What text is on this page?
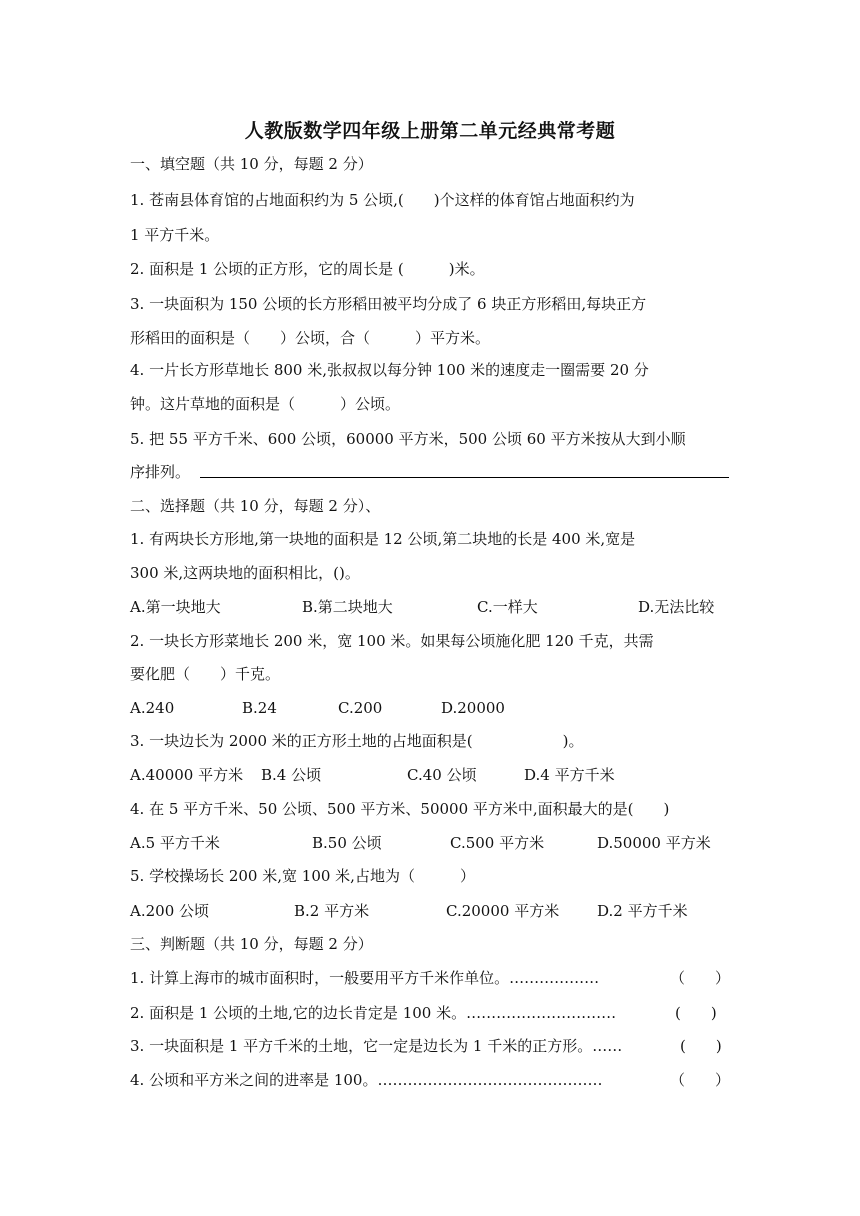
人教版数学四年级上册第二单元经典常考题
一、填空题（共 10 分，每题 2 分）
1. 苍南县体育馆的占地面积约为 5 公顷,(　　)个这样的体育馆占地面积约为
1 平方千米。
2. 面积是 1 公顷的正方形，它的周长是 (　　　)米。
3. 一块面积为 150 公顷的长方形稻田被平均分成了 6 块正方形稻田,每块正方
形稻田的面积是（　　）公顷，合（　　　）平方米。
4. 一片长方形草地长 800 米,张叔叔以每分钟 100 米的速度走一圈需要 20 分
钟。这片草地的面积是（　　　）公顷。
5. 把 55 平方千米、600 公顷，60000 平方米，500 公顷 60 平方米按从大到小顺
序排列。
二、选择题（共 10 分，每题 2 分）、
1. 有两块长方形地,第一块地的面积是 12 公顷,第二块地的长是 400 米,宽是
300 米,这两块地的面积相比，()。
A.第一块地大	B.第二块地大	C.一样大	D.无法比较
2. 一块长方形菜地长 200 米，宽 100 米。如果每公顷施化肥 120 千克，共需
要化肥（　　）千克。
A.240	B.24	C.200	D.20000
3. 一块边长为 2000 米的正方形土地的占地面积是(　　　　　　)。
A.40000 平方米 B.4 公顷	C.40 公顷	D.4 平方千米
4. 在 5 平方千米、50 公顷、500 平方米、50000 平方米中,面积最大的是(　　)
A.5 平方千米	B.50 公顷	C.500 平方米	D.50000 平方米
5. 学校操场长 200 米,宽 100 米,占地为（　　　）
A.200 公顷	B.2 平方米	C.20000 平方米	D.2 平方千米
三、判断题（共 10 分，每题 2 分）
1. 计算上海市的城市面积时，一般要用平方千米作单位。………………	（　　）
2. 面积是 1 公顷的土地,它的边长肯定是 100 米。…………………………	(　　)
3. 一块面积是 1 平方千米的土地，它一定是边长为 1 千米的正方形。……	(　　)
4. 公顷和平方米之间的进率是 100。………………………………………	（　　）
